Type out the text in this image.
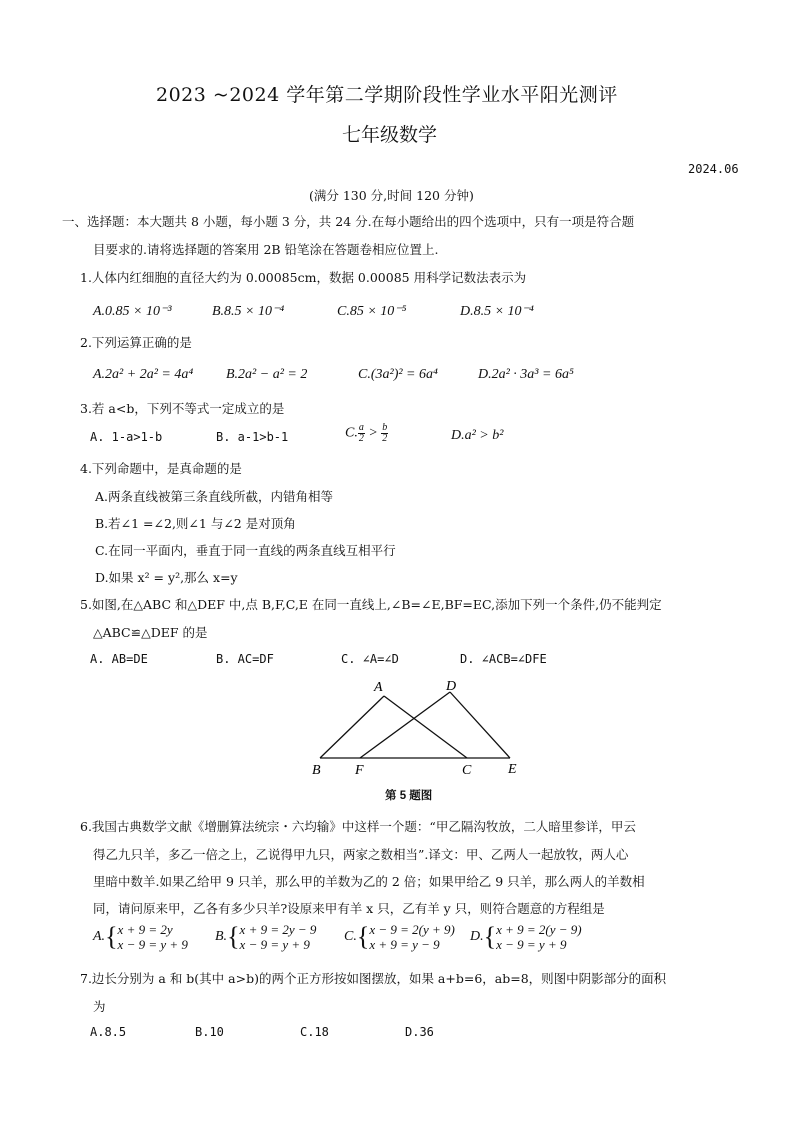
2023 ~2024 学年第二学期阶段性学业水平阳光测评
七年级数学
2024.06
(满分 130 分,时间 120 分钟)
一、选择题：本大题共 8 小题，每小题 3 分，共 24 分.在每小题给出的四个选项中，只有一项是符合题
目要求的.请将选择题的答案用 2B 铅笔涂在答题卷相应位置上.
1.人体内红细胞的直径大约为 0.00085cm，数据 0.00085 用科学记数法表示为
A.0.85 × 10⁻³	B.8.5 × 10⁻⁴	C.85 × 10⁻⁵	D.8.5 × 10⁻⁴
2.下列运算正确的是
A.2a² + 2a² = 4a⁴ B.2a² − a² = 2	C.(3a²)² = 6a⁴	D.2a² · 3a³ = 6a⁵
3.若 a<b，下列不等式一定成立的是
A. 1-a>1-b	B. a-1>b-1	C. $\frac{a}{2} > \frac{b}{2}$	D.a² > b²
4.下列命题中，是真命题的是
A.两条直线被第三条直线所截，内错角相等
B.若∠1 =∠2,则∠1 与∠2 是对顶角
C.在同一平面内，垂直于同一直线的两条直线互相平行
D.如果 x² = y²,那么 x=y
5.如图,在△ABC 和△DEF 中,点 B,F,C,E 在同一直线上,∠B=∠E,BF=EC,添加下列一个条件,仍不能判定
△ABC≌△DEF 的是
A. AB=DE	B. AC=DF	C. ∠A=∠D	D. ∠ACB=∠DFE
A	D
B F	C	E
第 5 题图
6.我国古典数学文献《增删算法统宗・六均输》中这样一个题：“甲乙隔沟牧放，二人暗里参详，甲云
得乙九只羊，多乙一倍之上，乙说得甲九只，两家之数相当”.译文：甲、乙两人一起放牧，两人心
里暗中数羊.如果乙给甲 9 只羊，那么甲的羊数为乙的 2 倍；如果甲给乙 9 只羊，那么两人的羊数相
同，请问原来甲，乙各有多少只羊?设原来甲有羊 x 只，乙有羊 y 只，则符合题意的方程组是
A.{ x + 9 = 2y
x − 9 = y + 9
B.{ x + 9 = 2y − 9
x − 9 = y + 9
C.{ x − 9 = 2(y + 9)
x + 9 = y − 9
D.{ x + 9 = 2(y − 9)
x − 9 = y + 9
7.边长分别为 a 和 b(其中 a>b)的两个正方形按如图摆放，如果 a+b=6，ab=8，则图中阴影部分的面积
为
A.8.5	B.10	C.18	D.36
